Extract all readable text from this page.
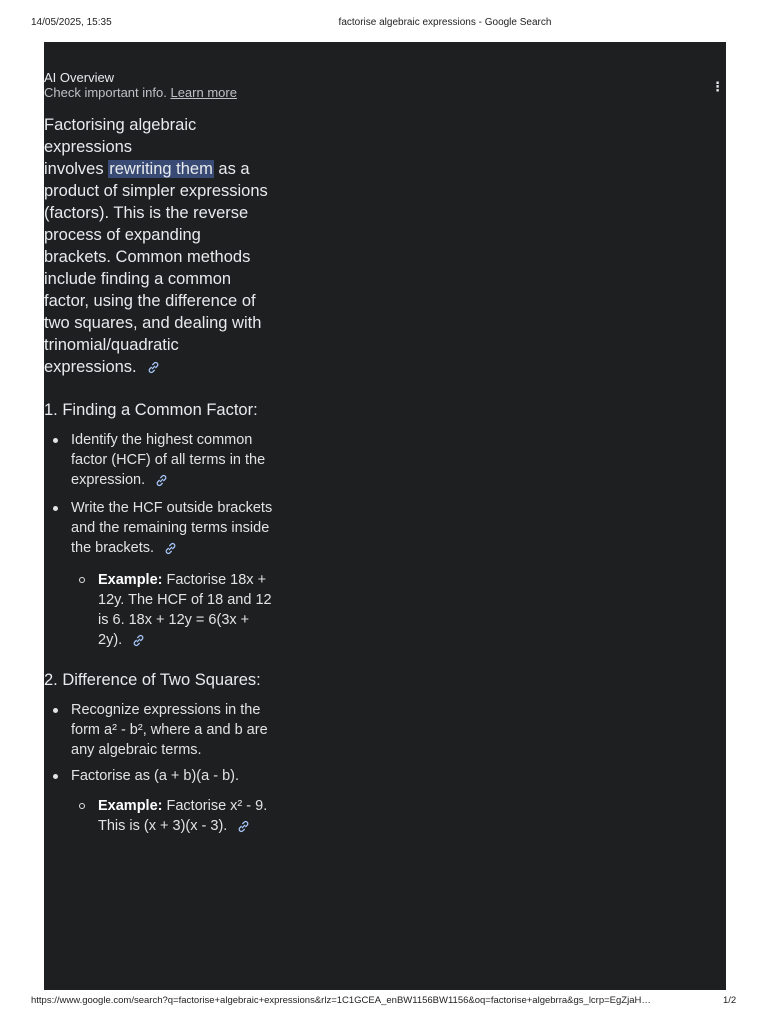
14/05/2025, 15:35	factorise algebraic expressions - Google Search
AI Overview
Check important info. Learn more	⋮

Factorising algebraic
expressions
involves rewriting them as a product of simpler expressions (factors). This is the reverse process of expanding
brackets. Common methods include finding a common factor, using the difference of two squares, and dealing with trinomial/quadratic expressions.

1. Finding a Common Factor:

Identify the highest common factor (HCF) of all terms in the expression.
Write the HCF outside brackets and the remaining terms inside the brackets.
Example: Factorise 18x + 12y. The HCF of 18 and 12 is 6. 18x + 12y = 6(3x + 2y).

2. Difference of Two Squares:

Recognize expressions in the form a² - b², where a and b are any algebraic terms.
Factorise as (a + b)(a - b).
Example: Factorise x² - 9. This is (x + 3)(x - 3).
https://www.google.com/search?q=factorise+algebraic+expressions&rlz=1C1GCEA_enBW1156BW1156&oq=factorise+algebrra&gs_lcrp=EgZjaH…	1/2
